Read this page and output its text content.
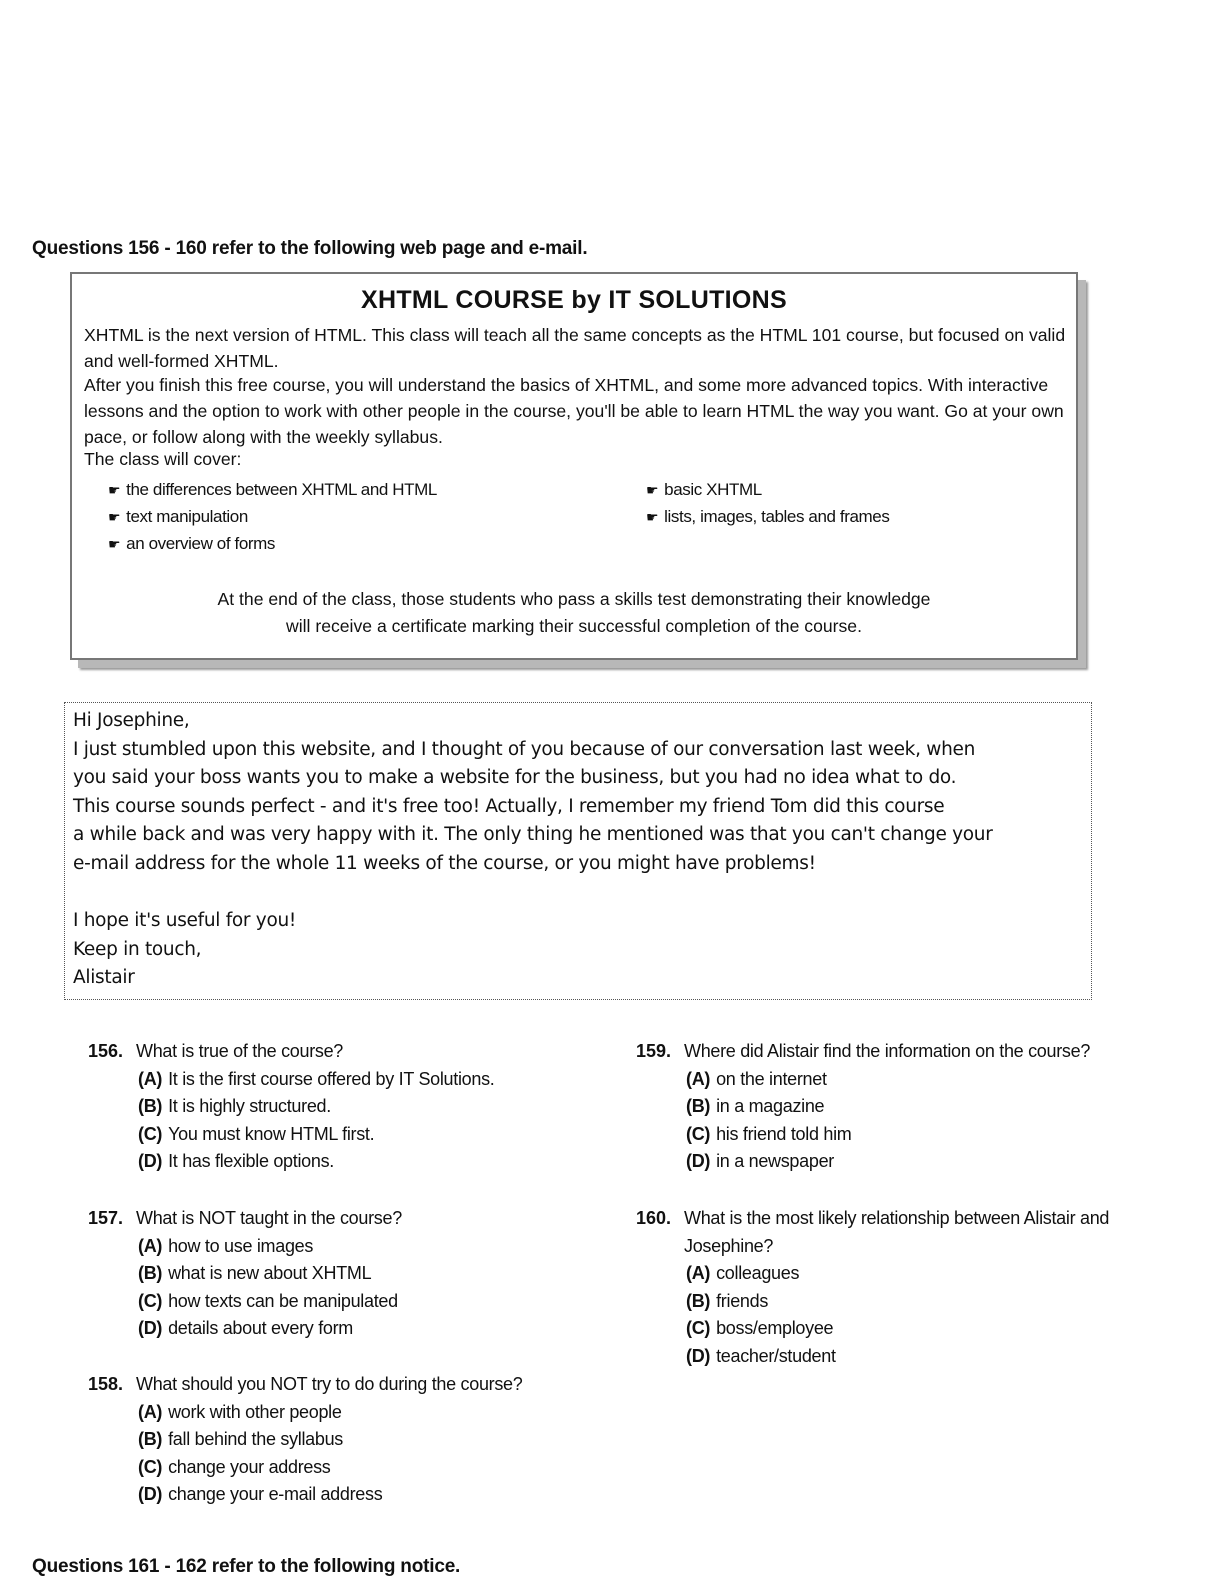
Questions 156 - 160 refer to the following web page and e-mail.
XHTML COURSE by IT SOLUTIONS
XHTML is the next version of HTML. This class will teach all the same concepts as the HTML 101 course, but focused on valid and well-formed XHTML.
After you finish this free course, you will understand the basics of XHTML, and some more advanced topics. With interactive lessons and the option to work with other people in the course, you'll be able to learn HTML the way you want. Go at your own pace, or follow along with the weekly syllabus.
The class will cover:
☛ the differences between XHTML and HTML
☛ text manipulation
☛ an overview of forms
☛ basic XHTML
☛ lists, images, tables and frames
At the end of the class, those students who pass a skills test demonstrating their knowledge
will receive a certificate marking their successful completion of the course.
Hi Josephine,
I just stumbled upon this website, and I thought of you because of our conversation last week, when
you said your boss wants you to make a website for the business, but you had no idea what to do.
This course sounds perfect - and it's free too! Actually, I remember my friend Tom did this course
a while back and was very happy with it. The only thing he mentioned was that you can't change your
e-mail address for the whole 11 weeks of the course, or you might have problems!
I hope it's useful for you!
Keep in touch,
Alistair
156. What is true of the course?
(A) It is the first course offered by IT Solutions.
(B) It is highly structured.
(C) You must know HTML first.
(D) It has flexible options.
157. What is NOT taught in the course?
(A) how to use images
(B) what is new about XHTML
(C) how texts can be manipulated
(D) details about every form
158. What should you NOT try to do during the course?
(A) work with other people
(B) fall behind the syllabus
(C) change your address
(D) change your e-mail address
159. Where did Alistair find the information on the course?
(A) on the internet
(B) in a magazine
(C) his friend told him
(D) in a newspaper
160. What is the most likely relationship between Alistair and Josephine?
(A) colleagues
(B) friends
(C) boss/employee
(D) teacher/student
Questions 161 - 162 refer to the following notice.
